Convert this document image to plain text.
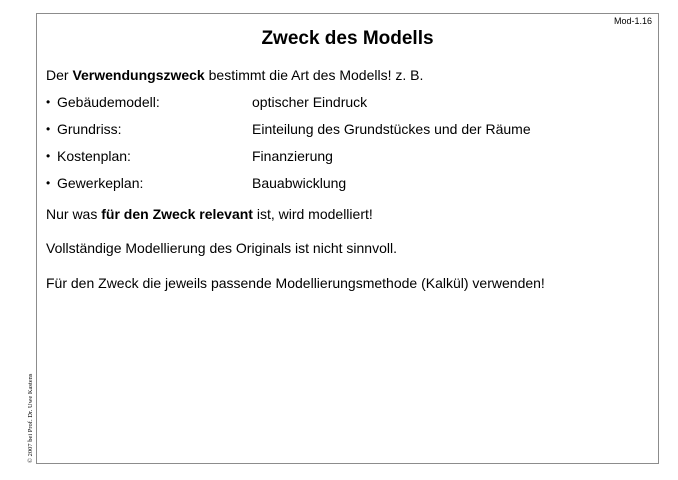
Mod-1.16
Zweck des Modells

Der Verwendungszweck bestimmt die Art des Modells! z. B.

• Gebäudemodell:	optischer Eindruck
• Grundriss:	Einteilung des Grundstückes und der Räume
• Kostenplan:	Finanzierung
• Gewerkeplan:	Bauabwicklung

Nur was für den Zweck relevant ist, wird modelliert!

Vollständige Modellierung des Originals ist nicht sinnvoll.

Für den Zweck die jeweils passende Modellierungsmethode (Kalkül) verwenden!

© 2007 bei Prof. Dr. Uwe Kastens
